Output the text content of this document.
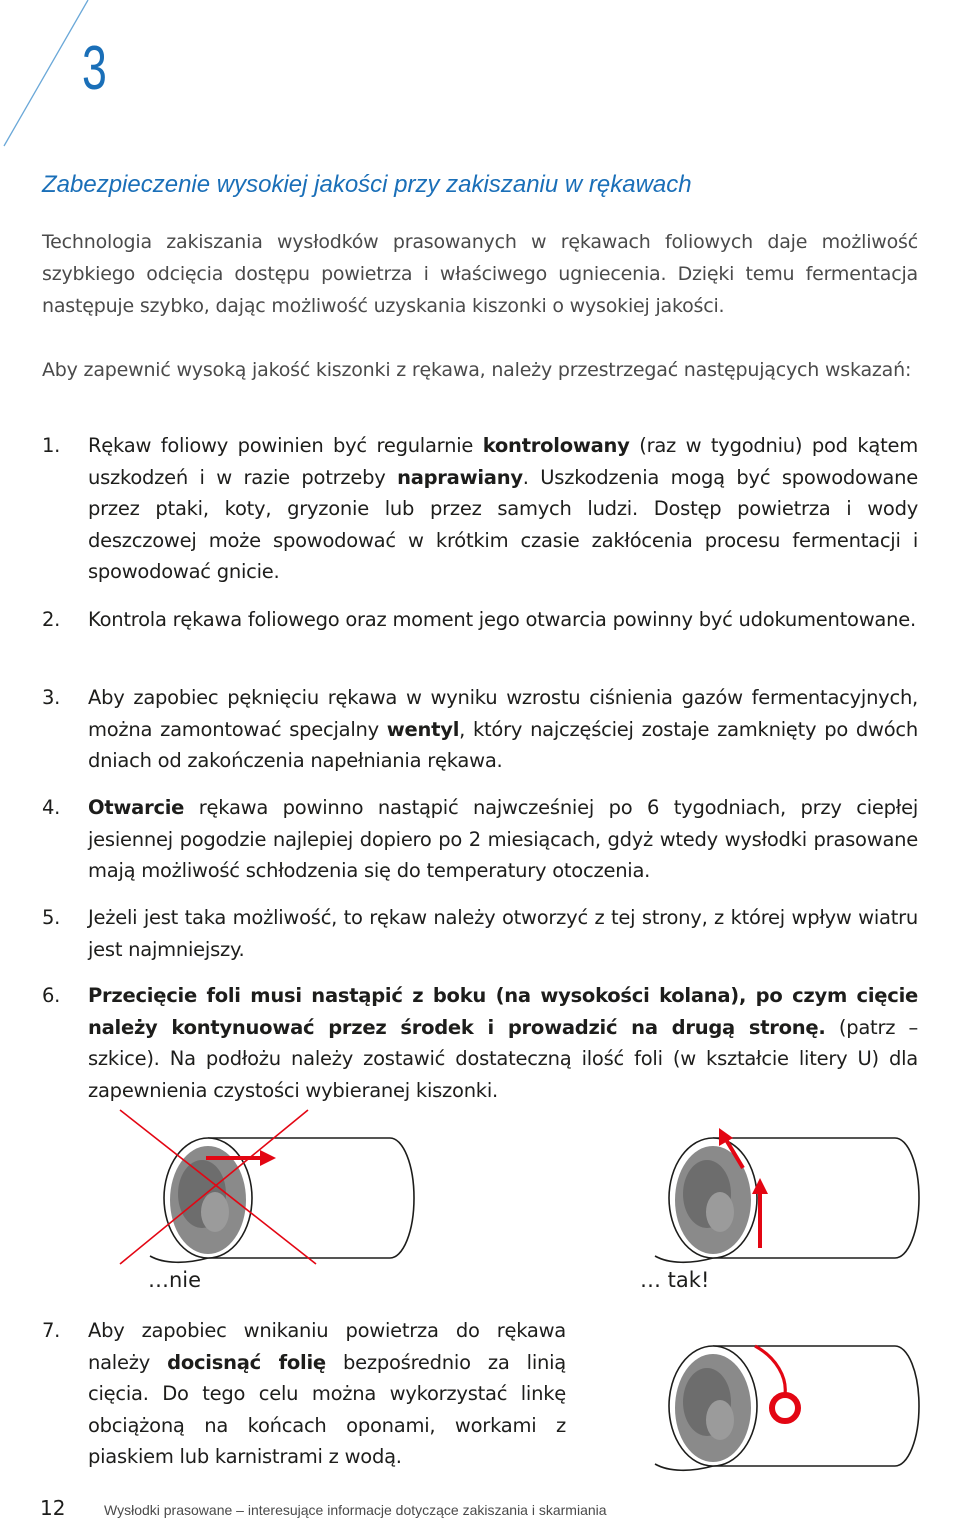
3
Zabezpieczenie wysokiej jakości przy zakiszaniu w rękawach
Technologia zakiszania wysłodków prasowanych w rękawach foliowych daje możliwość szybkiego odcięcia dostępu powietrza i właściwego ugniecenia. Dzięki temu fermentacja następuje szybko, dając możliwość uzyskania kiszonki o wysokiej jakości.
Aby zapewnić wysoką jakość kiszonki z rękawa, należy przestrzegać następujących wskazań:
1.	Rękaw foliowy powinien być regularnie kontrolowany (raz w tygodniu) pod kątem uszkodzeń i w razie potrzeby naprawiany. Uszkodzenia mogą być spowodowane przez ptaki, koty, gryzonie lub przez samych ludzi. Dostęp powietrza i wody deszczowej może spowodować w krótkim czasie zakłócenia procesu fermentacji i spowodować gnicie.
2.	Kontrola rękawa foliowego oraz moment jego otwarcia powinny być udokumentowane.
3.	Aby zapobiec pęknięciu rękawa w wyniku wzrostu ciśnienia gazów fermentacyjnych, można zamontować specjalny wentyl, który najczęściej zostaje zamknięty po dwóch dniach od zakończenia napełniania rękawa.
4.	Otwarcie rękawa powinno nastąpić najwcześniej po 6 tygodniach, przy ciepłej jesiennej pogodzie najlepiej dopiero po 2 miesiącach, gdyż wtedy wysłodki prasowane mają możliwość schłodzenia się do temperatury otoczenia.
5.	Jeżeli jest taka możliwość, to rękaw należy otworzyć z tej strony, z której wpływ wiatru jest najmniejszy.
6.	Przecięcie foli musi nastąpić z boku (na wysokości kolana), po czym cięcie należy kontynuować przez środek i prowadzić na drugą stronę. (patrz – szkice). Na podłożu należy zostawić dostateczną ilość foli (w kształcie litery U) dla zapewnienia czystości wybieranej kiszonki.
…nie	… tak!
7.	Aby zapobiec wnikaniu powietrza do rękawa należy docisnąć folię bezpośrednio za linią cięcia. Do tego celu można wykorzystać linkę obciążoną na końcach oponami, workami z piaskiem lub karnistrami z wodą.
12	Wysłodki prasowane – interesujące informacje dotyczące zakiszania i skarmiania
